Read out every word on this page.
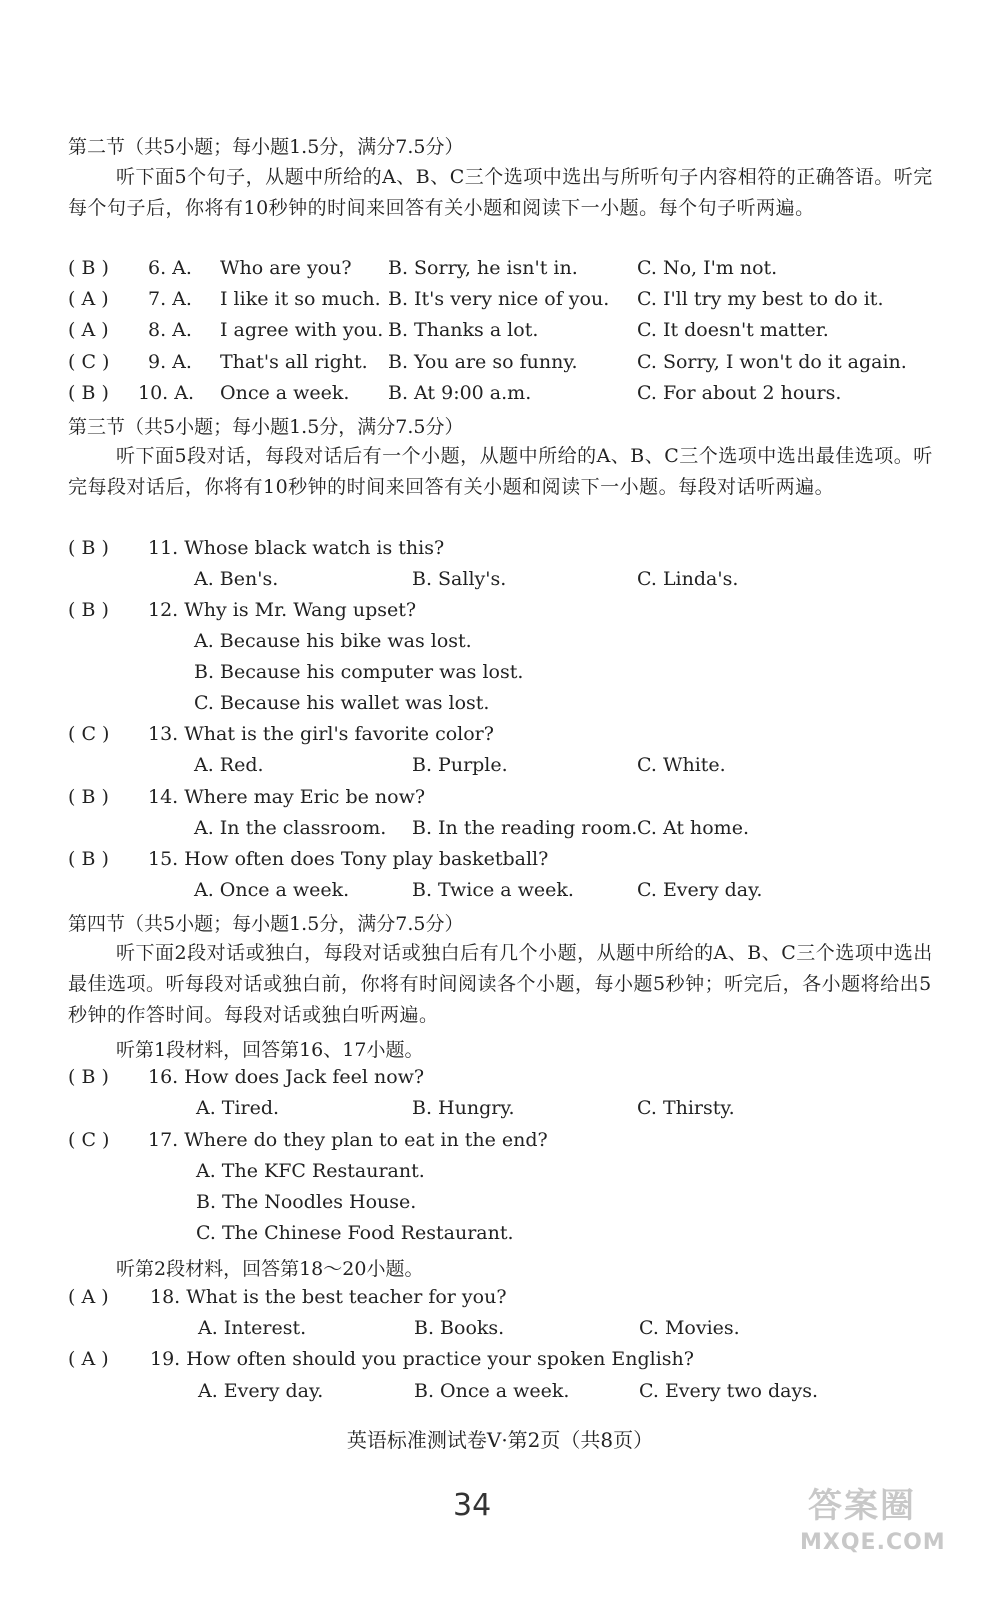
第二节（共5小题；每小题1.5分，满分7.5分）
听下面5个句子，从题中所给的A、B、C三个选项中选出与所听句子内容相符的正确答语。听完每个句子后，你将有10秒钟的时间来回答有关小题和阅读下一小题。每个句子听两遍。
( B )	6. A. Who are you? B. Sorry, he isn't in.	C. No, I'm not.
( A )	7. A. I like it so much. B. It's very nice of you. C. I'll try my best to do it.
( A )	8. A. I agree with you. B. Thanks a lot.	C. It doesn't matter.
( C )	9. A. That's all right. B. You are so funny.	C. Sorry, I won't do it again.
( B )	10. A. Once a week. B. At 9:00 a.m.	C. For about 2 hours.
第三节（共5小题；每小题1.5分，满分7.5分）
听下面5段对话，每段对话后有一个小题，从题中所给的A、B、C三个选项中选出最佳选项。听完每段对话后，你将有10秒钟的时间来回答有关小题和阅读下一小题。每段对话听两遍。
( B )	11. Whose black watch is this?
A. Ben's.	B. Sally's.	C. Linda's.
( B )	12. Why is Mr. Wang upset?
A. Because his bike was lost.
B. Because his computer was lost.
C. Because his wallet was lost.
( C )	13. What is the girl's favorite color?
A. Red.	B. Purple.	C. White.
( B )	14. Where may Eric be now?
A. In the classroom. B. In the reading room. C. At home.
( B )	15. How often does Tony play basketball?
A. Once a week.	B. Twice a week.	C. Every day.
第四节（共5小题；每小题1.5分，满分7.5分）
听下面2段对话或独白，每段对话或独白后有几个小题，从题中所给的A、B、C三个选项中选出最佳选项。听每段对话或独白前，你将有时间阅读各个小题，每小题5秒钟；听完后，各小题将给出5秒钟的作答时间。每段对话或独白听两遍。
听第1段材料，回答第16、17小题。
( B )	16. How does Jack feel now?
A. Tired.	B. Hungry.	C. Thirsty.
( C )	17. Where do they plan to eat in the end?
A. The KFC Restaurant.
B. The Noodles House.
C. The Chinese Food Restaurant.
听第2段材料，回答第18～20小题。
( A )	18. What is the best teacher for you?
A. Interest.	B. Books.	C. Movies.
( A )	19. How often should you practice your spoken English?
A. Every day.	B. Once a week.	C. Every two days.
英语标准测试卷Ⅴ·第2页（共8页）
34	答案圈
MXQE.COM
